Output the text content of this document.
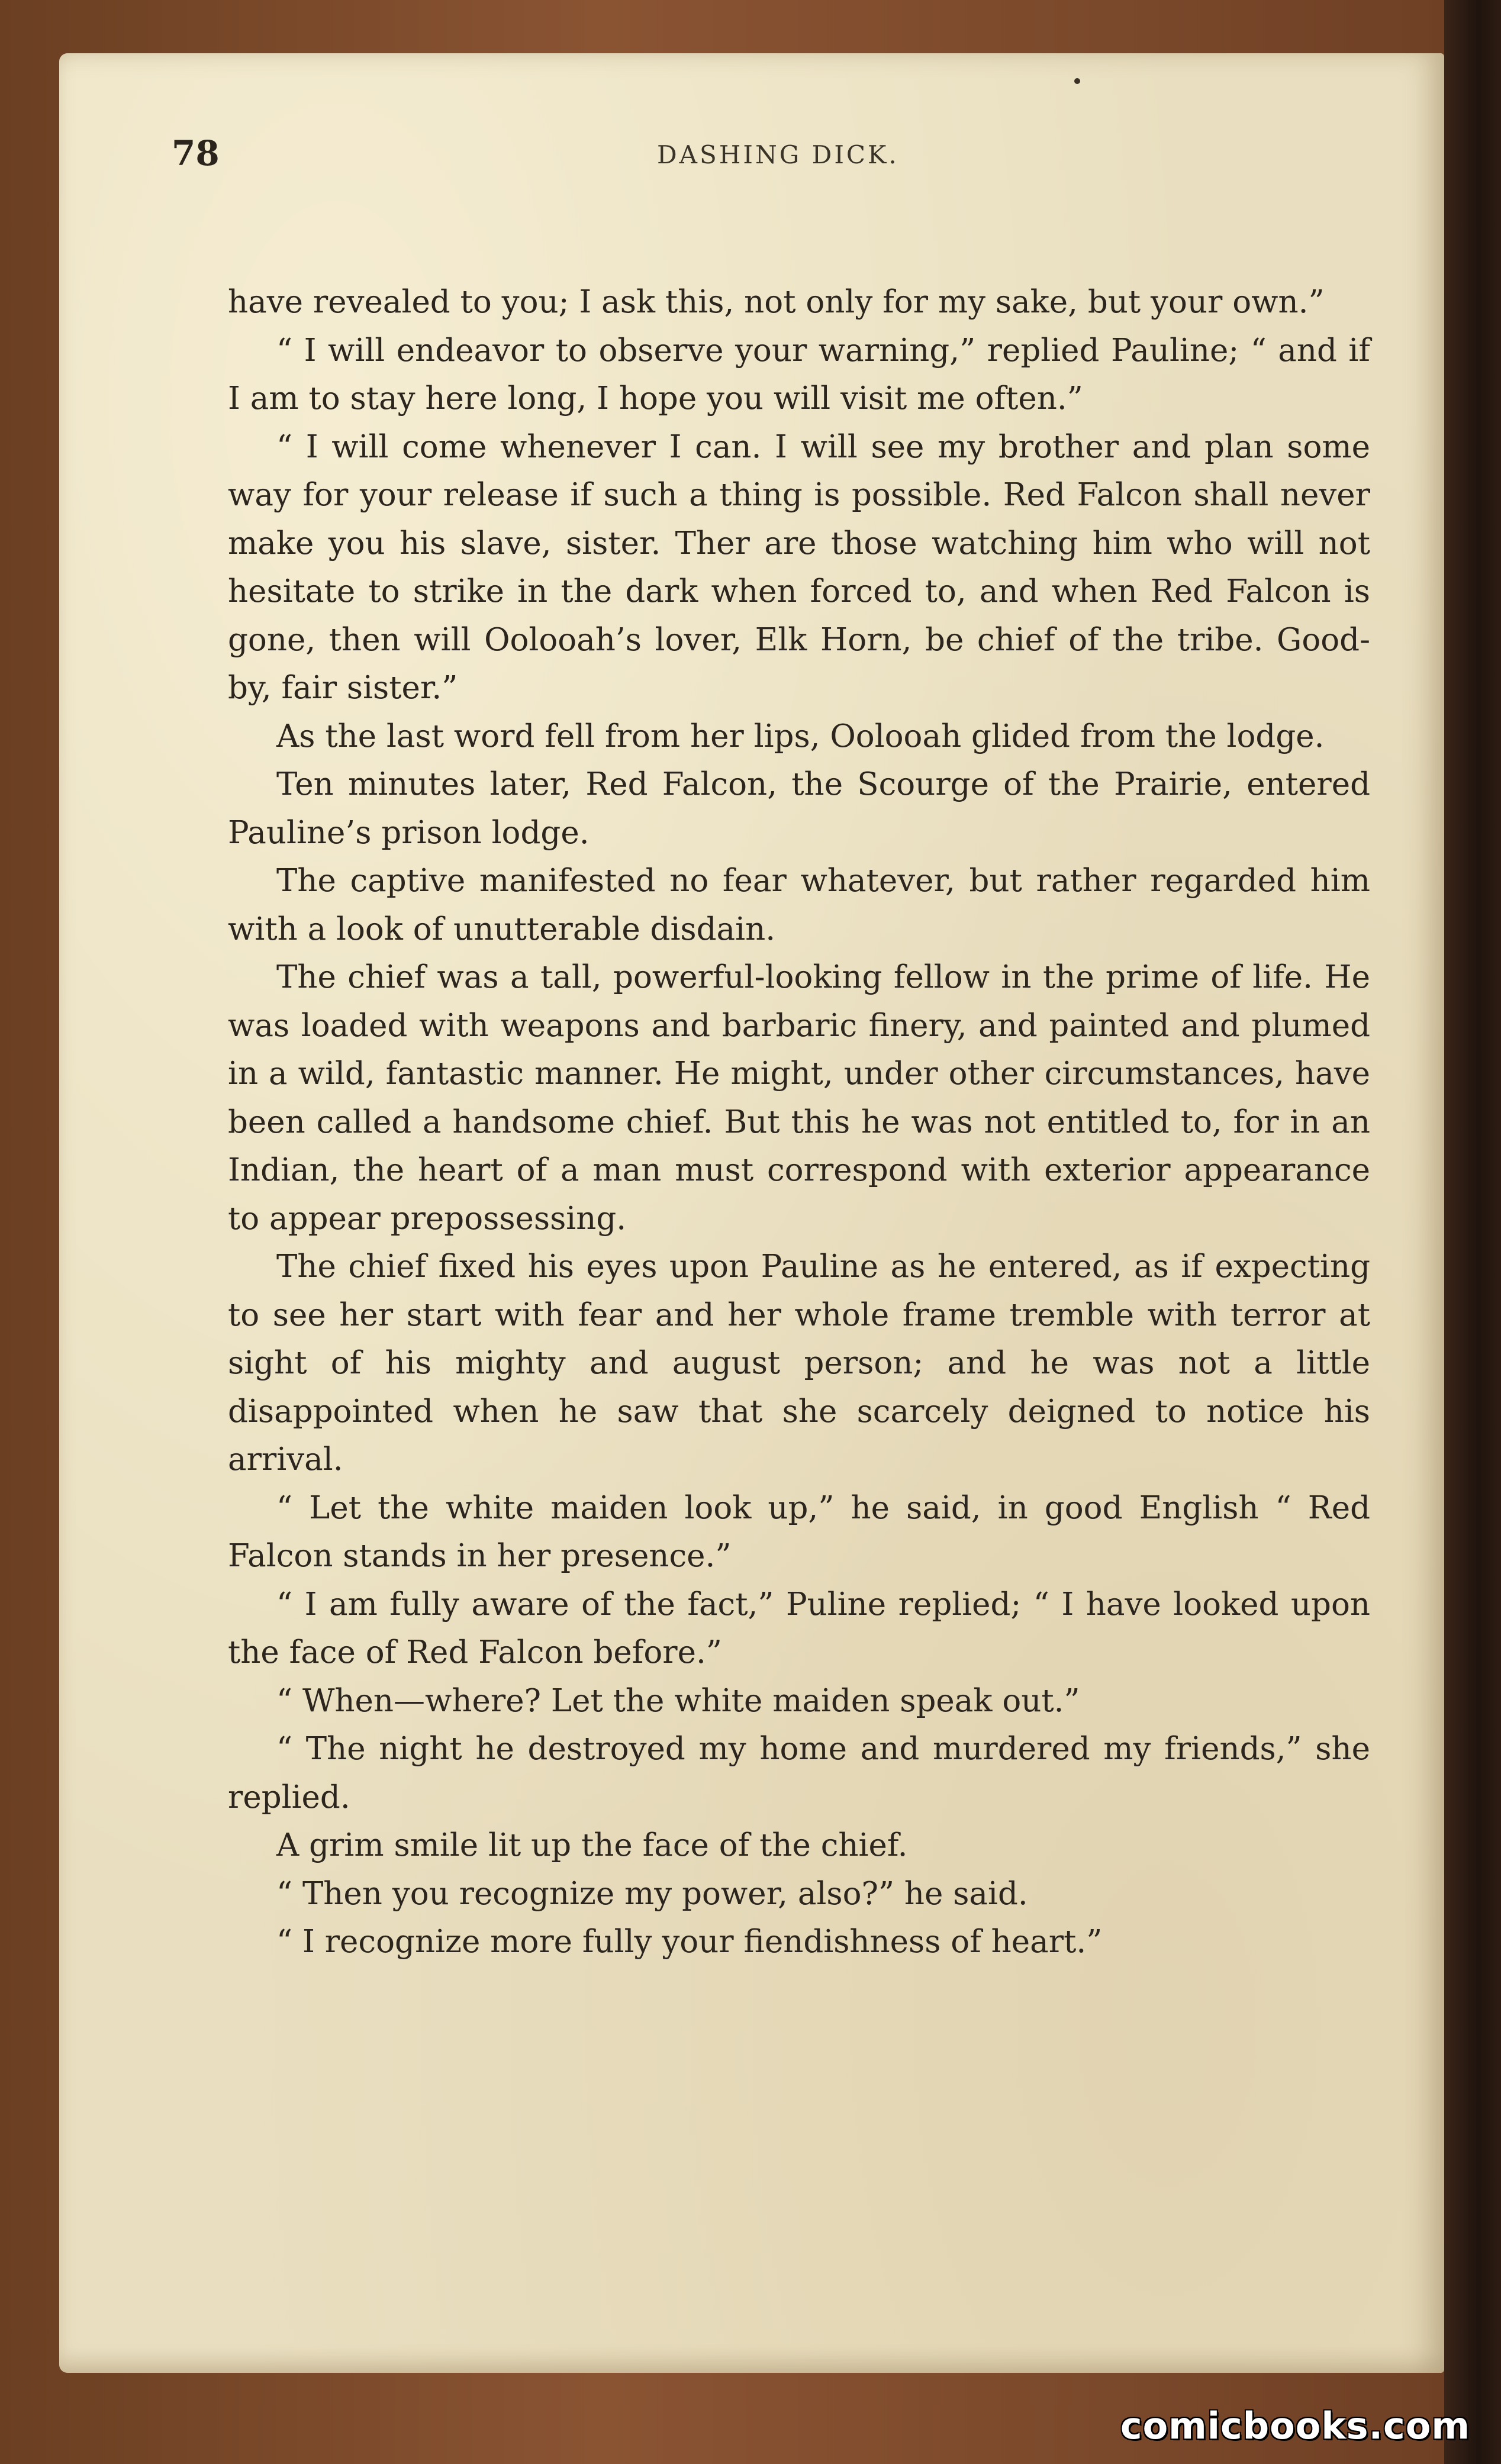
78	DASHING DICK.

have revealed to you; I ask this, not only for my sake, but your own.”

“ I will endeavor to observe your warning,” replied Pauline; “ and if I am to stay here long, I hope you will visit me often.”

“ I will come whenever I can. I will see my brother and plan some way for your release if such a thing is possible. Red Falcon shall never make you his slave, sister. Ther are those watching him who will not hesitate to strike in the dark when forced to, and when Red Falcon is gone, then will Oolooah’s lover, Elk Horn, be chief of the tribe. Good-by, fair sister.”

As the last word fell from her lips, Oolooah glided from the lodge.

Ten minutes later, Red Falcon, the Scourge of the Prairie, entered Pauline’s prison lodge.

The captive manifested no fear whatever, but rather regarded him with a look of unutterable disdain.

The chief was a tall, powerful-looking fellow in the prime of life. He was loaded with weapons and barbaric finery, and painted and plumed in a wild, fantastic manner. He might, under other circumstances, have been called a handsome chief. But this he was not entitled to, for in an Indian, the heart of a man must correspond with exterior appearance to appear prepossessing.

The chief fixed his eyes upon Pauline as he entered, as if expecting to see her start with fear and her whole frame tremble with terror at sight of his mighty and august person; and he was not a little disappointed when he saw that she scarcely deigned to notice his arrival.

“ Let the white maiden look up,” he said, in good English “ Red Falcon stands in her presence.”

“ I am fully aware of the fact,” Puline replied; “ I have looked upon the face of Red Falcon before.”

“ When—where? Let the white maiden speak out.”

“ The night he destroyed my home and murdered my friends,” she replied.

A grim smile lit up the face of the chief.

“ Then you recognize my power, also?” he said.

“ I recognize more fully your fiendishness of heart.”

comicbooks.com
